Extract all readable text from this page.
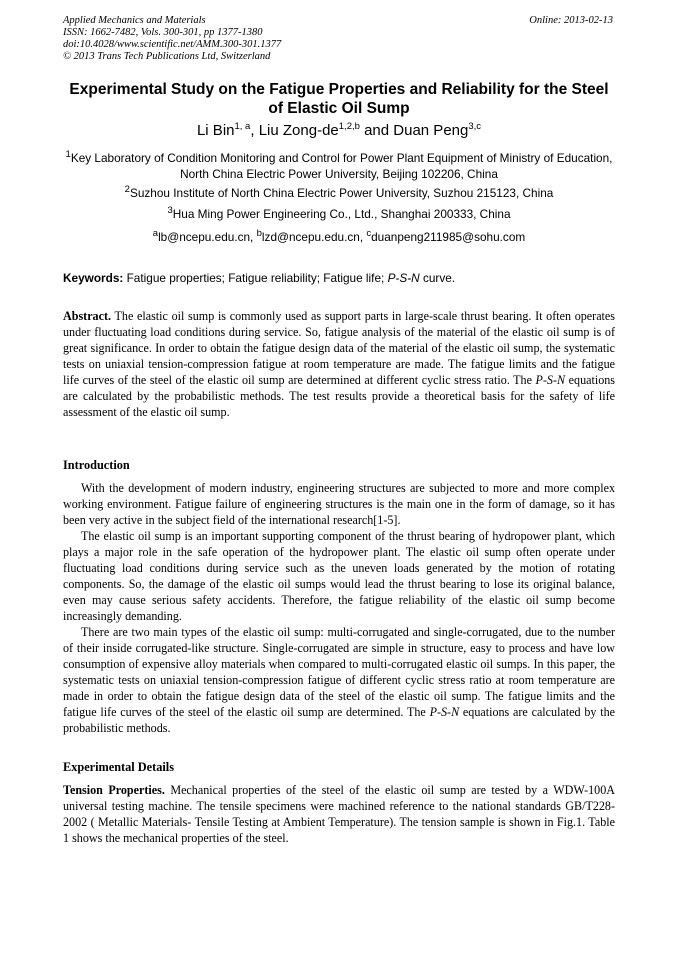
Applied Mechanics and Materials
ISSN: 1662-7482, Vols. 300-301, pp 1377-1380
doi:10.4028/www.scientific.net/AMM.300-301.1377
© 2013 Trans Tech Publications Ltd, Switzerland
Online: 2013-02-13
Experimental Study on the Fatigue Properties and Reliability for the Steel of Elastic Oil Sump
Li Bin$^{1, a}$, Liu Zong-de$^{1,2,b}$ and Duan Peng$^{3,c}$
$^1$Key Laboratory of Condition Monitoring and Control for Power Plant Equipment of Ministry of Education, North China Electric Power University, Beijing 102206, China
$^2$Suzhou Institute of North China Electric Power University, Suzhou 215123, China
$^3$Hua Ming Power Engineering Co., Ltd., Shanghai 200333, China
$^a$lb@ncepu.edu.cn, $^b$lzd@ncepu.edu.cn, $^c$duanpeng211985@sohu.com
Keywords: Fatigue properties; Fatigue reliability; Fatigue life; P-S-N curve.

Abstract. The elastic oil sump is commonly used as support parts in large-scale thrust bearing. It often operates under fluctuating load conditions during service. So, fatigue analysis of the material of the elastic oil sump is of great significance. In order to obtain the fatigue design data of the material of the elastic oil sump, the systematic tests on uniaxial tension-compression fatigue at room temperature are made. The fatigue limits and the fatigue life curves of the steel of the elastic oil sump are determined at different cyclic stress ratio. The P-S-N equations are calculated by the probabilistic methods. The test results provide a theoretical basis for the safety of life assessment of the elastic oil sump.

Introduction

With the development of modern industry, engineering structures are subjected to more and more complex working environment. Fatigue failure of engineering structures is the main one in the form of damage, so it has been very active in the subject field of the international research[1-5].

The elastic oil sump is an important supporting component of the thrust bearing of hydropower plant, which plays a major role in the safe operation of the hydropower plant. The elastic oil sump often operate under fluctuating load conditions during service such as the uneven loads generated by the motion of rotating components. So, the damage of the elastic oil sumps would lead the thrust bearing to lose its original balance, even may cause serious safety accidents. Therefore, the fatigue reliability of the elastic oil sump become increasingly demanding.

There are two main types of the elastic oil sump: multi-corrugated and single-corrugated, due to the number of their inside corrugated-like structure. Single-corrugated are simple in structure, easy to process and have low consumption of expensive alloy materials when compared to multi-corrugated elastic oil sumps. In this paper, the systematic tests on uniaxial tension-compression fatigue of different cyclic stress ratio at room temperature are made in order to obtain the fatigue design data of the steel of the elastic oil sump. The fatigue limits and the fatigue life curves of the steel of the elastic oil sump are determined. The P-S-N equations are calculated by the probabilistic methods.

Experimental Details

Tension Properties. Mechanical properties of the steel of the elastic oil sump are tested by a WDW-100A universal testing machine. The tensile specimens were machined reference to the national standards GB/T228-2002 ( Metallic Materials- Tensile Testing at Ambient Temperature). The tension sample is shown in Fig.1. Table 1 shows the mechanical properties of the steel.
